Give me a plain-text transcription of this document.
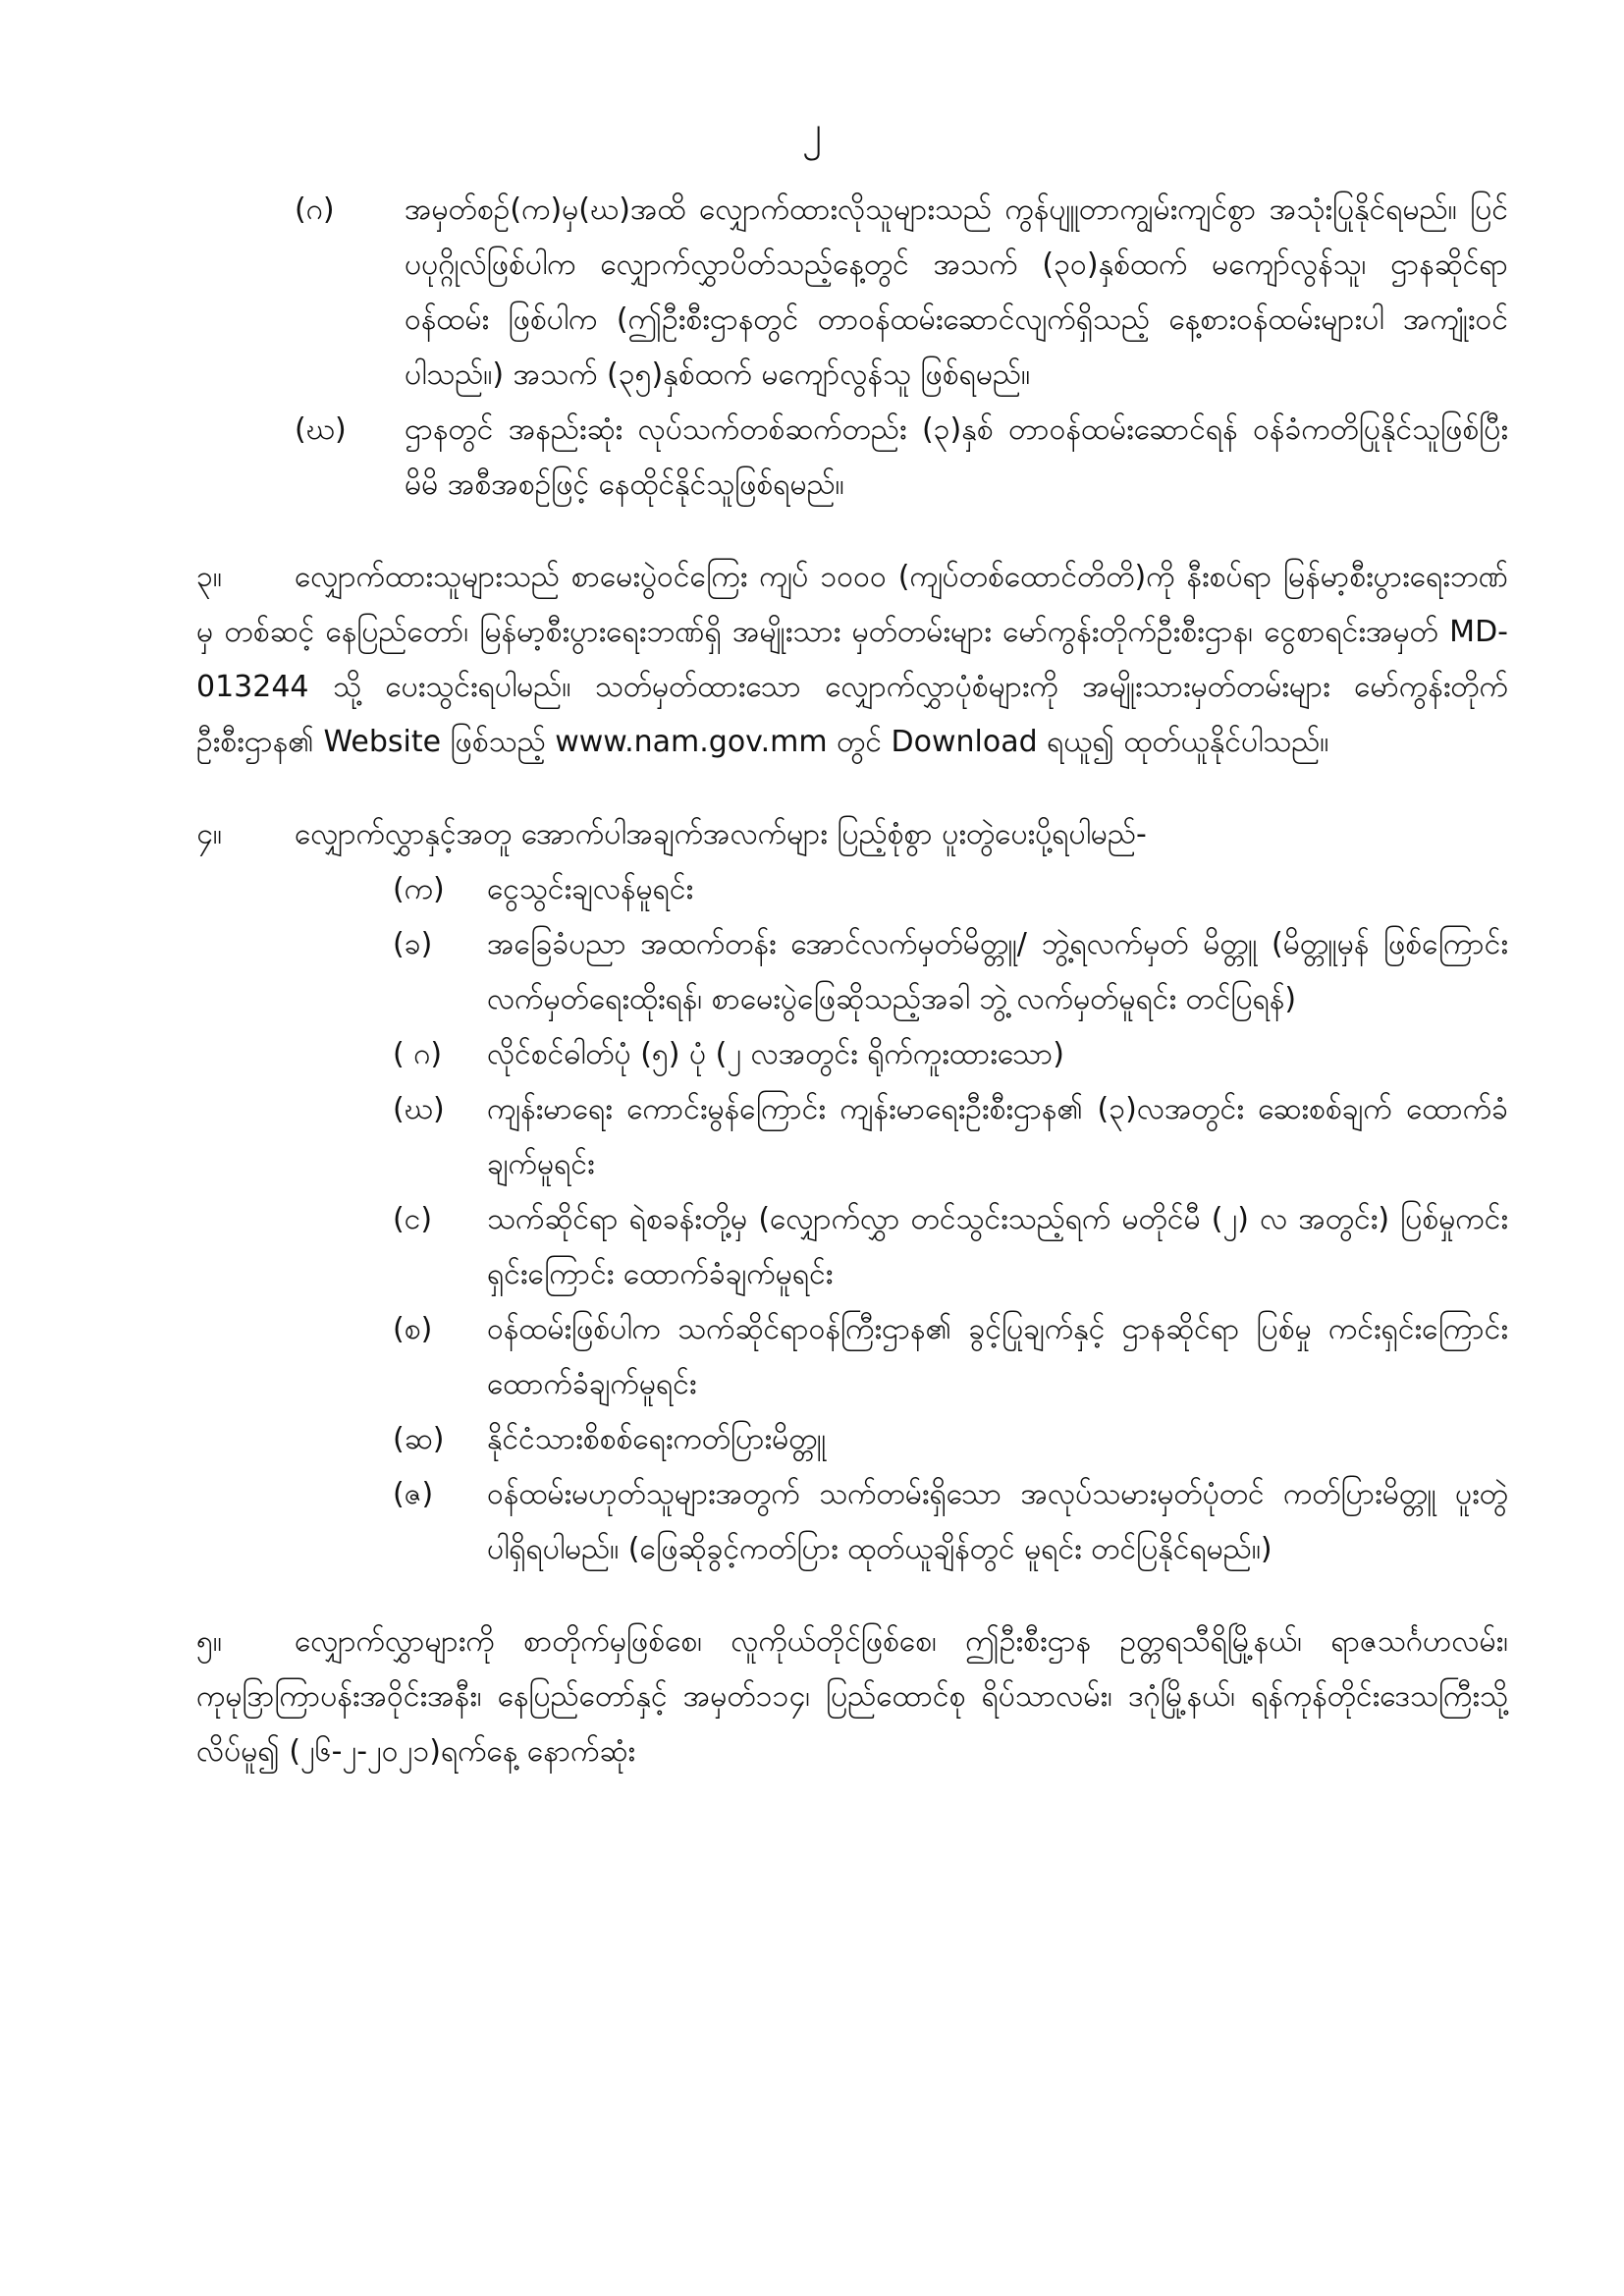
၂
(ဂ)	အမှတ်စဉ်(က)မှ(ဃ)အထိ လျှောက်ထားလိုသူများသည် ကွန်ပျူတာကျွမ်းကျင်စွာ အသုံးပြုနိုင်ရမည်။ ပြင်ပပုဂ္ဂိုလ်ဖြစ်ပါက လျှောက်လွှာပိတ်သည့်နေ့တွင် အသက် (၃၀)နှစ်ထက် မကျော်လွန်သူ၊ ဌာနဆိုင်ရာဝန်ထမ်း ဖြစ်ပါက (ဤဦးစီးဌာနတွင် တာဝန်ထမ်းဆောင်လျက်ရှိသည့် နေ့စားဝန်ထမ်းများပါ အကျုံးဝင်ပါသည်။) အသက် (၃၅)နှစ်ထက် မကျော်လွန်သူ ဖြစ်ရမည်။
(ဃ)	ဌာနတွင် အနည်းဆုံး လုပ်သက်တစ်ဆက်တည်း (၃)နှစ် တာဝန်ထမ်းဆောင်ရန် ဝန်ခံကတိပြုနိုင်သူဖြစ်ပြီး မိမိ အစီအစဉ်ဖြင့် နေထိုင်နိုင်သူဖြစ်ရမည်။
၃။ လျှောက်ထားသူများသည် စာမေးပွဲဝင်ကြေး ကျပ် ၁၀၀၀ (ကျပ်တစ်ထောင်တိတိ)ကို နီးစပ်ရာ မြန်မာ့စီးပွားရေးဘဏ်မှ တစ်ဆင့် နေပြည်တော်၊ မြန်မာ့စီးပွားရေးဘဏ်ရှိ အမျိုးသား မှတ်တမ်းများ မော်ကွန်းတိုက်ဦးစီးဌာန၊ ငွေစာရင်းအမှတ် MD-013244 သို့ ပေးသွင်းရပါမည်။ သတ်မှတ်ထားသော လျှောက်လွှာပုံစံများကို အမျိုးသားမှတ်တမ်းများ မော်ကွန်းတိုက်ဦးစီးဌာန၏ Website ဖြစ်သည့် www.nam.gov.mm တွင် Download ရယူ၍ ထုတ်ယူနိုင်ပါသည်။
၄။ လျှောက်လွှာနှင့်အတူ အောက်ပါအချက်အလက်များ ပြည့်စုံစွာ ပူးတွဲပေးပို့ရပါမည်-
(က)	ငွေသွင်းချလန်မူရင်း
(ခ)	အခြေခံပညာ အထက်တန်း အောင်လက်မှတ်မိတ္တူ/ ဘွဲ့ရလက်မှတ် မိတ္တူ (မိတ္တူမှန် ဖြစ်ကြောင်း လက်မှတ်ရေးထိုးရန်၊ စာမေးပွဲဖြေဆိုသည့်အခါ ဘွဲ့ လက်မှတ်မူရင်း တင်ပြရန်)
( ဂ)	လိုင်စင်ဓါတ်ပုံ (၅) ပုံ (၂ လအတွင်း ရိုက်ကူးထားသော)
(ဃ)	ကျန်းမာရေး ကောင်းမွန်ကြောင်း ကျန်းမာရေးဦးစီးဌာန၏ (၃)လအတွင်း ဆေးစစ်ချက် ထောက်ခံချက်မူရင်း
(င)	သက်ဆိုင်ရာ ရဲစခန်းတို့မှ (လျှောက်လွှာ တင်သွင်းသည့်ရက် မတိုင်မီ (၂) လ အတွင်း) ပြစ်မှုကင်းရှင်းကြောင်း ထောက်ခံချက်မူရင်း
(စ)	ဝန်ထမ်းဖြစ်ပါက သက်ဆိုင်ရာဝန်ကြီးဌာန၏ ခွင့်ပြုချက်နှင့် ဌာနဆိုင်ရာ ပြစ်မှု ကင်းရှင်းကြောင်း ထောက်ခံချက်မူရင်း
(ဆ)	နိုင်ငံသားစိစစ်ရေးကတ်ပြားမိတ္တူ
(ဇ)	ဝန်ထမ်းမဟုတ်သူများအတွက် သက်တမ်းရှိသော အလုပ်သမားမှတ်ပုံတင် ကတ်ပြားမိတ္တူ ပူးတွဲပါရှိရပါမည်။ (ဖြေဆိုခွင့်ကတ်ပြား ထုတ်ယူချိန်တွင် မူရင်း တင်ပြနိုင်ရမည်။)
၅။ လျှောက်လွှာများကို စာတိုက်မှဖြစ်စေ၊ လူကိုယ်တိုင်ဖြစ်စေ၊ ဤဦးစီးဌာန ဥတ္တရသီရိမြို့နယ်၊ ရာဇသင်္ဂဟလမ်း၊ ကုမုဒြာကြာပန်းအဝိုင်းအနီး၊ နေပြည်တော်နှင့် အမှတ်၁၁၄၊ ပြည်ထောင်စု ရိပ်သာလမ်း၊ ဒဂုံမြို့နယ်၊ ရန်ကုန်တိုင်းဒေသကြီးသို့ လိပ်မူ၍ (၂၆-၂-၂၀၂၁)ရက်နေ့ နောက်ဆုံး
